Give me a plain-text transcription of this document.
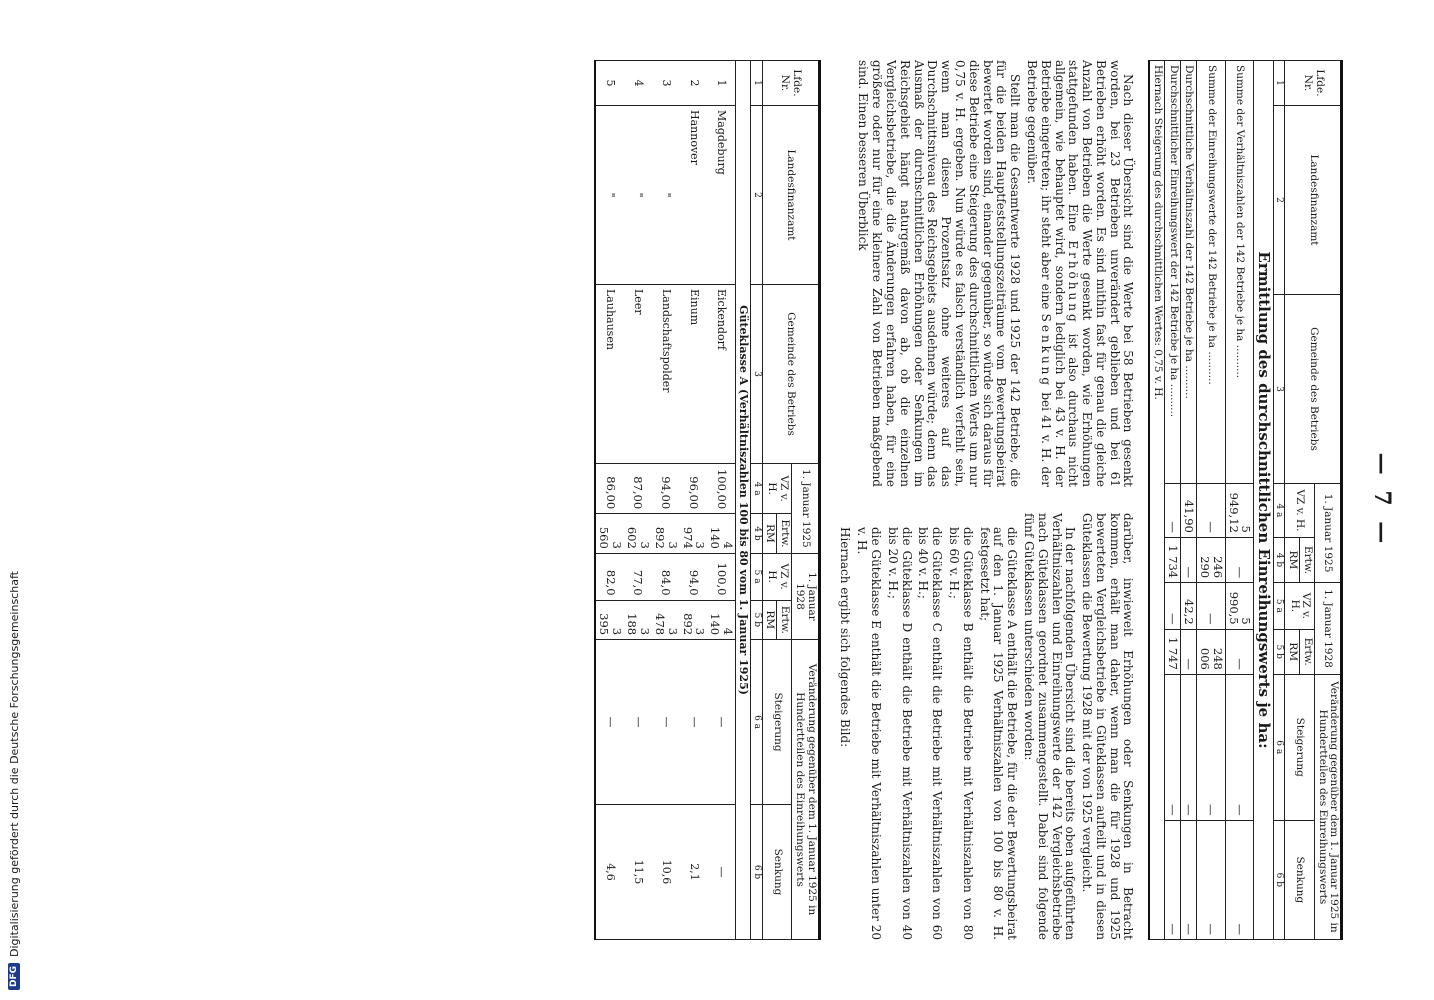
DFG
Digitalisierung gefördert durch die Deutsche Forschungsgemeinschaft
— 7 —
Lfde. Nr.	Landesfinanzamt	Gemeinde des Betriebs	1. Januar 1925		1. Januar 1928		Veränderung gegenüber dem 1. Januar 1925 in Hundertteilen des Einreihungswerts	
			VZ v. H.	Ertw.	VZ v. H.	Ertw.	Steigerung	Senkung
				RM		RM		
1	2	3	4 a	4 b	5 a	5 b	6 a	6 b
Ermittlung des durchschnittlichen Einreihungswerts je ha:								
Summe der Verhältniszahlen der 142 Betriebe je ha ..........			5 949,12	—	5 990,5	—	—	—
Summe der Einreihungswerte der 142 Betriebe je ha ..........			—	246 290	—	248 006	—	—
Durchschnittliche Verhältniszahl der 142 Betriebe je ha ..........			41,90	—	42,2	—	—	—
Durchschnittlicher Einreihungswert der 142 Betriebe je ha ..........			—	1 734	—	1 747	—	—
Hiernach Steigerung des durchschnittlichen Wertes: 0,75 v. H.								

Nach dieser Übersicht sind die Werte bei 58 Betrieben gesenkt worden, bei 23 Betrieben unverändert geblieben und bei 61 Betrieben erhöht worden. Es sind mithin fast für genau die gleiche Anzahl von Betrieben die Werte gesenkt worden, wie Erhöhungen stattgefunden haben. Eine Erhöhung ist also durchaus nicht allgemein, wie behauptet wird, sondern lediglich bei 43 v. H. der Betriebe eingetreten; ihr steht aber eine Senkung bei 41 v. H. der Betriebe gegenüber.

Stellt man die Gesamtwerte 1928 und 1925 der 142 Betriebe, die für die beiden Hauptfeststellungszeiträume vom Bewertungsbeirat bewertet worden sind, einander gegenüber, so würde sich daraus für diese Betriebe eine Steigerung des durchschnittlichen Werts um nur 0,75 v. H. ergeben. Nun würde es falsch verständlich verfehlt sein, wenn man diesen Prozentsatz ohne weiteres auf das Durchschnittsniveau des Reichsgebiets ausdehnen würde; denn das Ausmaß der durchschnittlichen Erhöhungen oder Senkungen im Reichsgebiet hängt naturgemäß davon ab, ob die einzelnen Vergleichsbetriebe, die die Änderungen erfahren haben, für eine größere oder nur für eine kleinere Zahl von Betrieben maßgebend sind. Einen besseren Überblick

darüber, inwieweit Erhöhungen oder Senkungen in Betracht kommen, erhält man daher, wenn man die für 1928 und 1925 bewerteten Vergleichsbetriebe in Güteklassen aufteilt und in diesen Güteklassen die Bewertung 1928 mit der von 1925 vergleicht.

In der nachfolgenden Übersicht sind die bereits oben aufgeführten Verhältniszahlen und Einreihungswerte der 142 Vergleichsbetriebe nach Güteklassen geordnet zusammengestellt. Dabei sind folgende fünf Güteklassen unterschieden worden:

die Güteklasse A enthält die Betriebe, für die der Bewertungsbeirat auf den 1. Januar 1925 Verhältniszahlen von 100 bis 80 v. H. festgesetzt hat;

die Güteklasse B enthält die Betriebe mit Verhältniszahlen von 80 bis 60 v. H.;

die Güteklasse C enthält die Betriebe mit Verhältniszahlen von 60 bis 40 v. H.;

die Güteklasse D enthält die Betriebe mit Verhältniszahlen von 40 bis 20 v. H.;

die Güteklasse E enthält die Betriebe mit Verhältniszahlen unter 20 v. H.

Hiernach ergibt sich folgendes Bild:

Lfde. Nr.	Landesfinanzamt	Gemeinde des Betriebs	1. Januar 1925		1. Januar 1928		Veränderung gegenüber dem 1. Januar 1925 in Hundertteilen des Einreihungswerts	
			VZ v. H.	Ertw.	VZ v. H.	Ertw.	Steigerung	Senkung
				RM		RM		
1	2	3	4 a	4 b	5 a	5 b	6 a	6 b
Güteklasse A (Verhältniszahlen 100 bis 80 vom 1. Januar 1925)								
1	Magdeburg	Eickendorf	100,00	4 140	100,0	4 140	—	—
2	Hannover	Einum	96,00	3 974	94,0	3 892	—	2,1
3	"	Landschaftspolder	94,00	3 892	84,0	3 478	—	10,6
4	"	Leer	87,00	3 602	77,0	3 188	—	11,5
5	"	Lauhausen	86,00	3 560	82,0	3 395	—	4,6
